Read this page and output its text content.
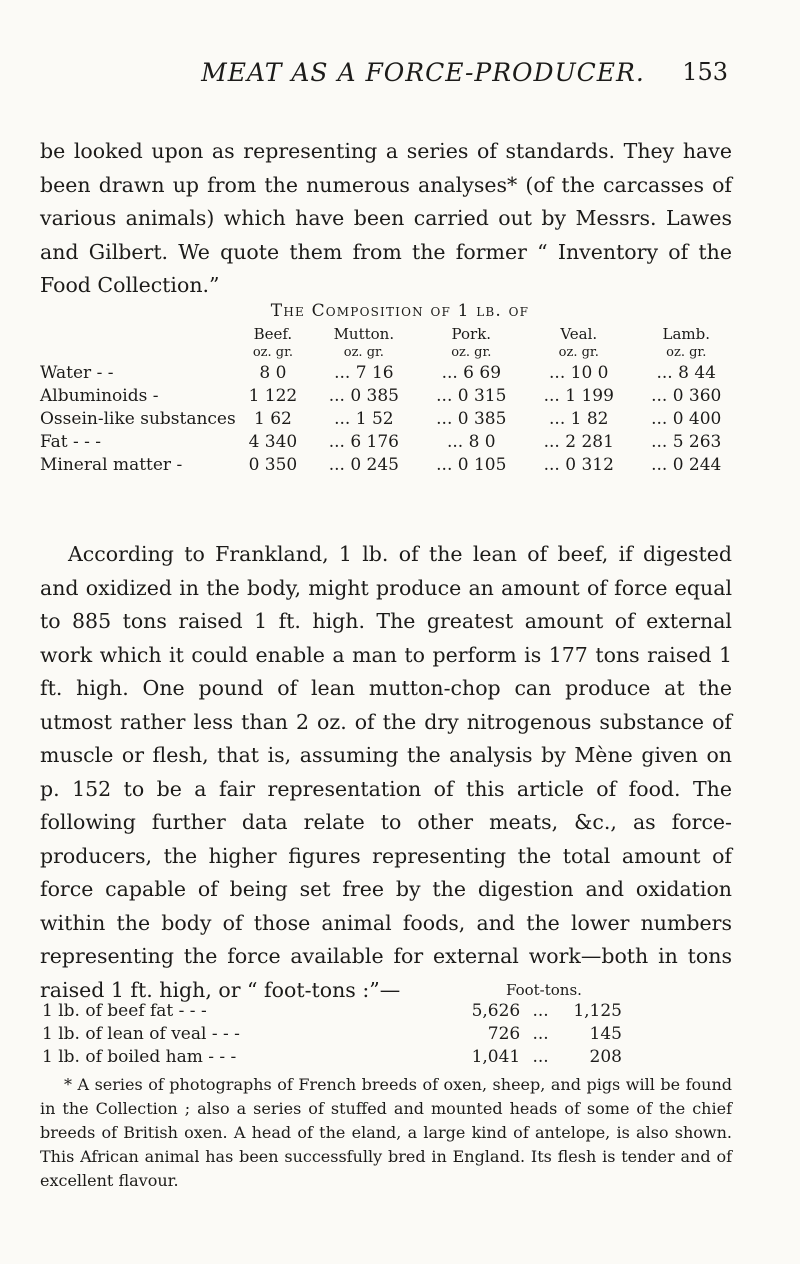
MEAT AS A FORCE-PRODUCER.	153

be looked upon as representing a series of standards. They have been drawn up from the numerous analyses* (of the carcasses of various animals) which have been carried out by Messrs. Lawes and Gilbert. We quote them from the former “ Inventory of the Food Collection.”

The Composition of 1 lb. of
	Beef.	Mutton.	Pork.	Veal.	Lamb.
	oz. gr.	oz. gr.	oz. gr.	oz. gr.	oz. gr.
Water - -	8 0	... 7 16	... 6 69	... 10 0	... 8 44
Albuminoids -	1 122	... 0 385	... 0 315	... 1 199	... 0 360
Ossein-like substances	1 62	... 1 52	... 0 385	... 1 82	... 0 400
Fat - - -	4 340	... 6 176	... 8 0	... 2 281	... 5 263
Mineral matter -	0 350	... 0 245	... 0 105	... 0 312	... 0 244

According to Frankland, 1 lb. of the lean of beef, if digested and oxidized in the body, might produce an amount of force equal to 885 tons raised 1 ft. high. The greatest amount of external work which it could enable a man to perform is 177 tons raised 1 ft. high. One pound of lean mutton-chop can produce at the utmost rather less than 2 oz. of the dry nitrogenous substance of muscle or flesh, that is, assuming the analysis by Mène given on p. 152 to be a fair representation of this article of food. The following further data relate to other meats, &c., as force-producers, the higher figures representing the total amount of force capable of being set free by the digestion and oxidation within the body of those animal foods, and the lower numbers representing the force available for external work—both in tons raised 1 ft. high, or “ foot-tons :”—	Foot-tons.
1 lb. of beef fat - - -	5,626	...	1,125
1 lb. of lean of veal - - -	726	...	145
1 lb. of boiled ham - - -	1,041	...	208

* A series of photographs of French breeds of oxen, sheep, and pigs will be found in the Collection ; also a series of stuffed and mounted heads of some of the chief breeds of British oxen. A head of the eland, a large kind of antelope, is also shown. This African animal has been successfully bred in England. Its flesh is tender and of excellent flavour.
